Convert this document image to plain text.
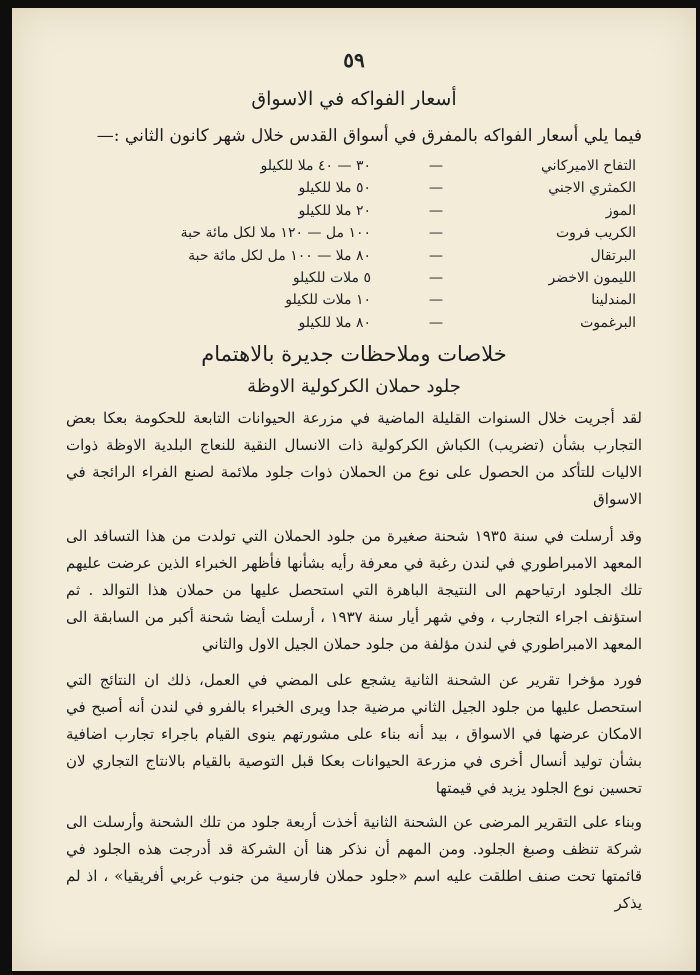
٥٩
أسعار الفواكه في الاسواق
فيما يلي أسعار الفواكه بالمفرق في أسواق القدس خلال شهر كانون الثاني :—
التفاح الاميركاني
—
٣٠ — ٤٠ ملا للكيلو
الكمثري الاجني
—
٥٠ ملا للكيلو
الموز
—
٢٠ ملا للكيلو
الكريب فروت
—
١٠٠ مل — ١٢٠ ملا لكل مائة حبة
البرتقال
—
٨٠ ملا — ١٠٠ مل لكل مائة حبة
الليمون الاخضر
—
٥ ملات للكيلو
المندلينا
—
١٠ ملات للكيلو
البرغموت
—
٨٠ ملا للكيلو
خلاصات وملاحظات جديرة بالاهتمام
جلود حملان الكركولية الاوظة

لقد أجريت خلال السنوات القليلة الماضية في مزرعة الحيوانات التابعة للحكومة بعكا بعض التجارب بشأن (تضريب) الكباش الكركولية ذات الانسال النقية للنعاج البلدية الاوظة ذوات الاليات للتأكد من الحصول على نوع من الحملان ذوات جلود ملائمة لصنع الفراء الرائجة في الاسواق

وقد أرسلت في سنة ١٩٣٥ شحنة صغيرة من جلود الحملان التي تولدت من هذا التسافد الى المعهد الامبراطوري في لندن رغبة في معرفة رأيه بشأنها فأظهر الخبراء الذين عرضت عليهم تلك الجلود ارتياحهم الى النتيجة الباهرة التي استحصل عليها من حملان هذا التوالد . ثم استؤنف اجراء التجارب ، وفي شهر أيار سنة ١٩٣٧ ، أرسلت أيضا شحنة أكبر من السابقة الى المعهد الامبراطوري في لندن مؤلفة من جلود حملان الجيل الاول والثاني

فورد مؤخرا تقرير عن الشحنة الثانية يشجع على المضي في العمل، ذلك ان النتائج التي استحصل عليها من جلود الجيل الثاني مرضية جدا ويرى الخبراء بالفرو في لندن أنه أصبح في الامكان عرضها في الاسواق ، بيد أنه بناء على مشورتهم ينوى القيام باجراء تجارب اضافية بشأن توليد أنسال أخرى في مزرعة الحيوانات بعكا قبل التوصية بالقيام بالانتاج التجاري لان تحسين نوع الجلود يزيد في قيمتها

وبناء على التقرير المرضى عن الشحنة الثانية أخذت أربعة جلود من تلك الشحنة وأرسلت الى شركة تنظف وصبغ الجلود. ومن المهم أن نذكر هنا أن الشركة قد أدرجت هذه الجلود في قائمتها تحت صنف اطلقت عليه اسم «جلود حملان فارسية من جنوب غربي أفريقيا» ، اذ لم يذكر
